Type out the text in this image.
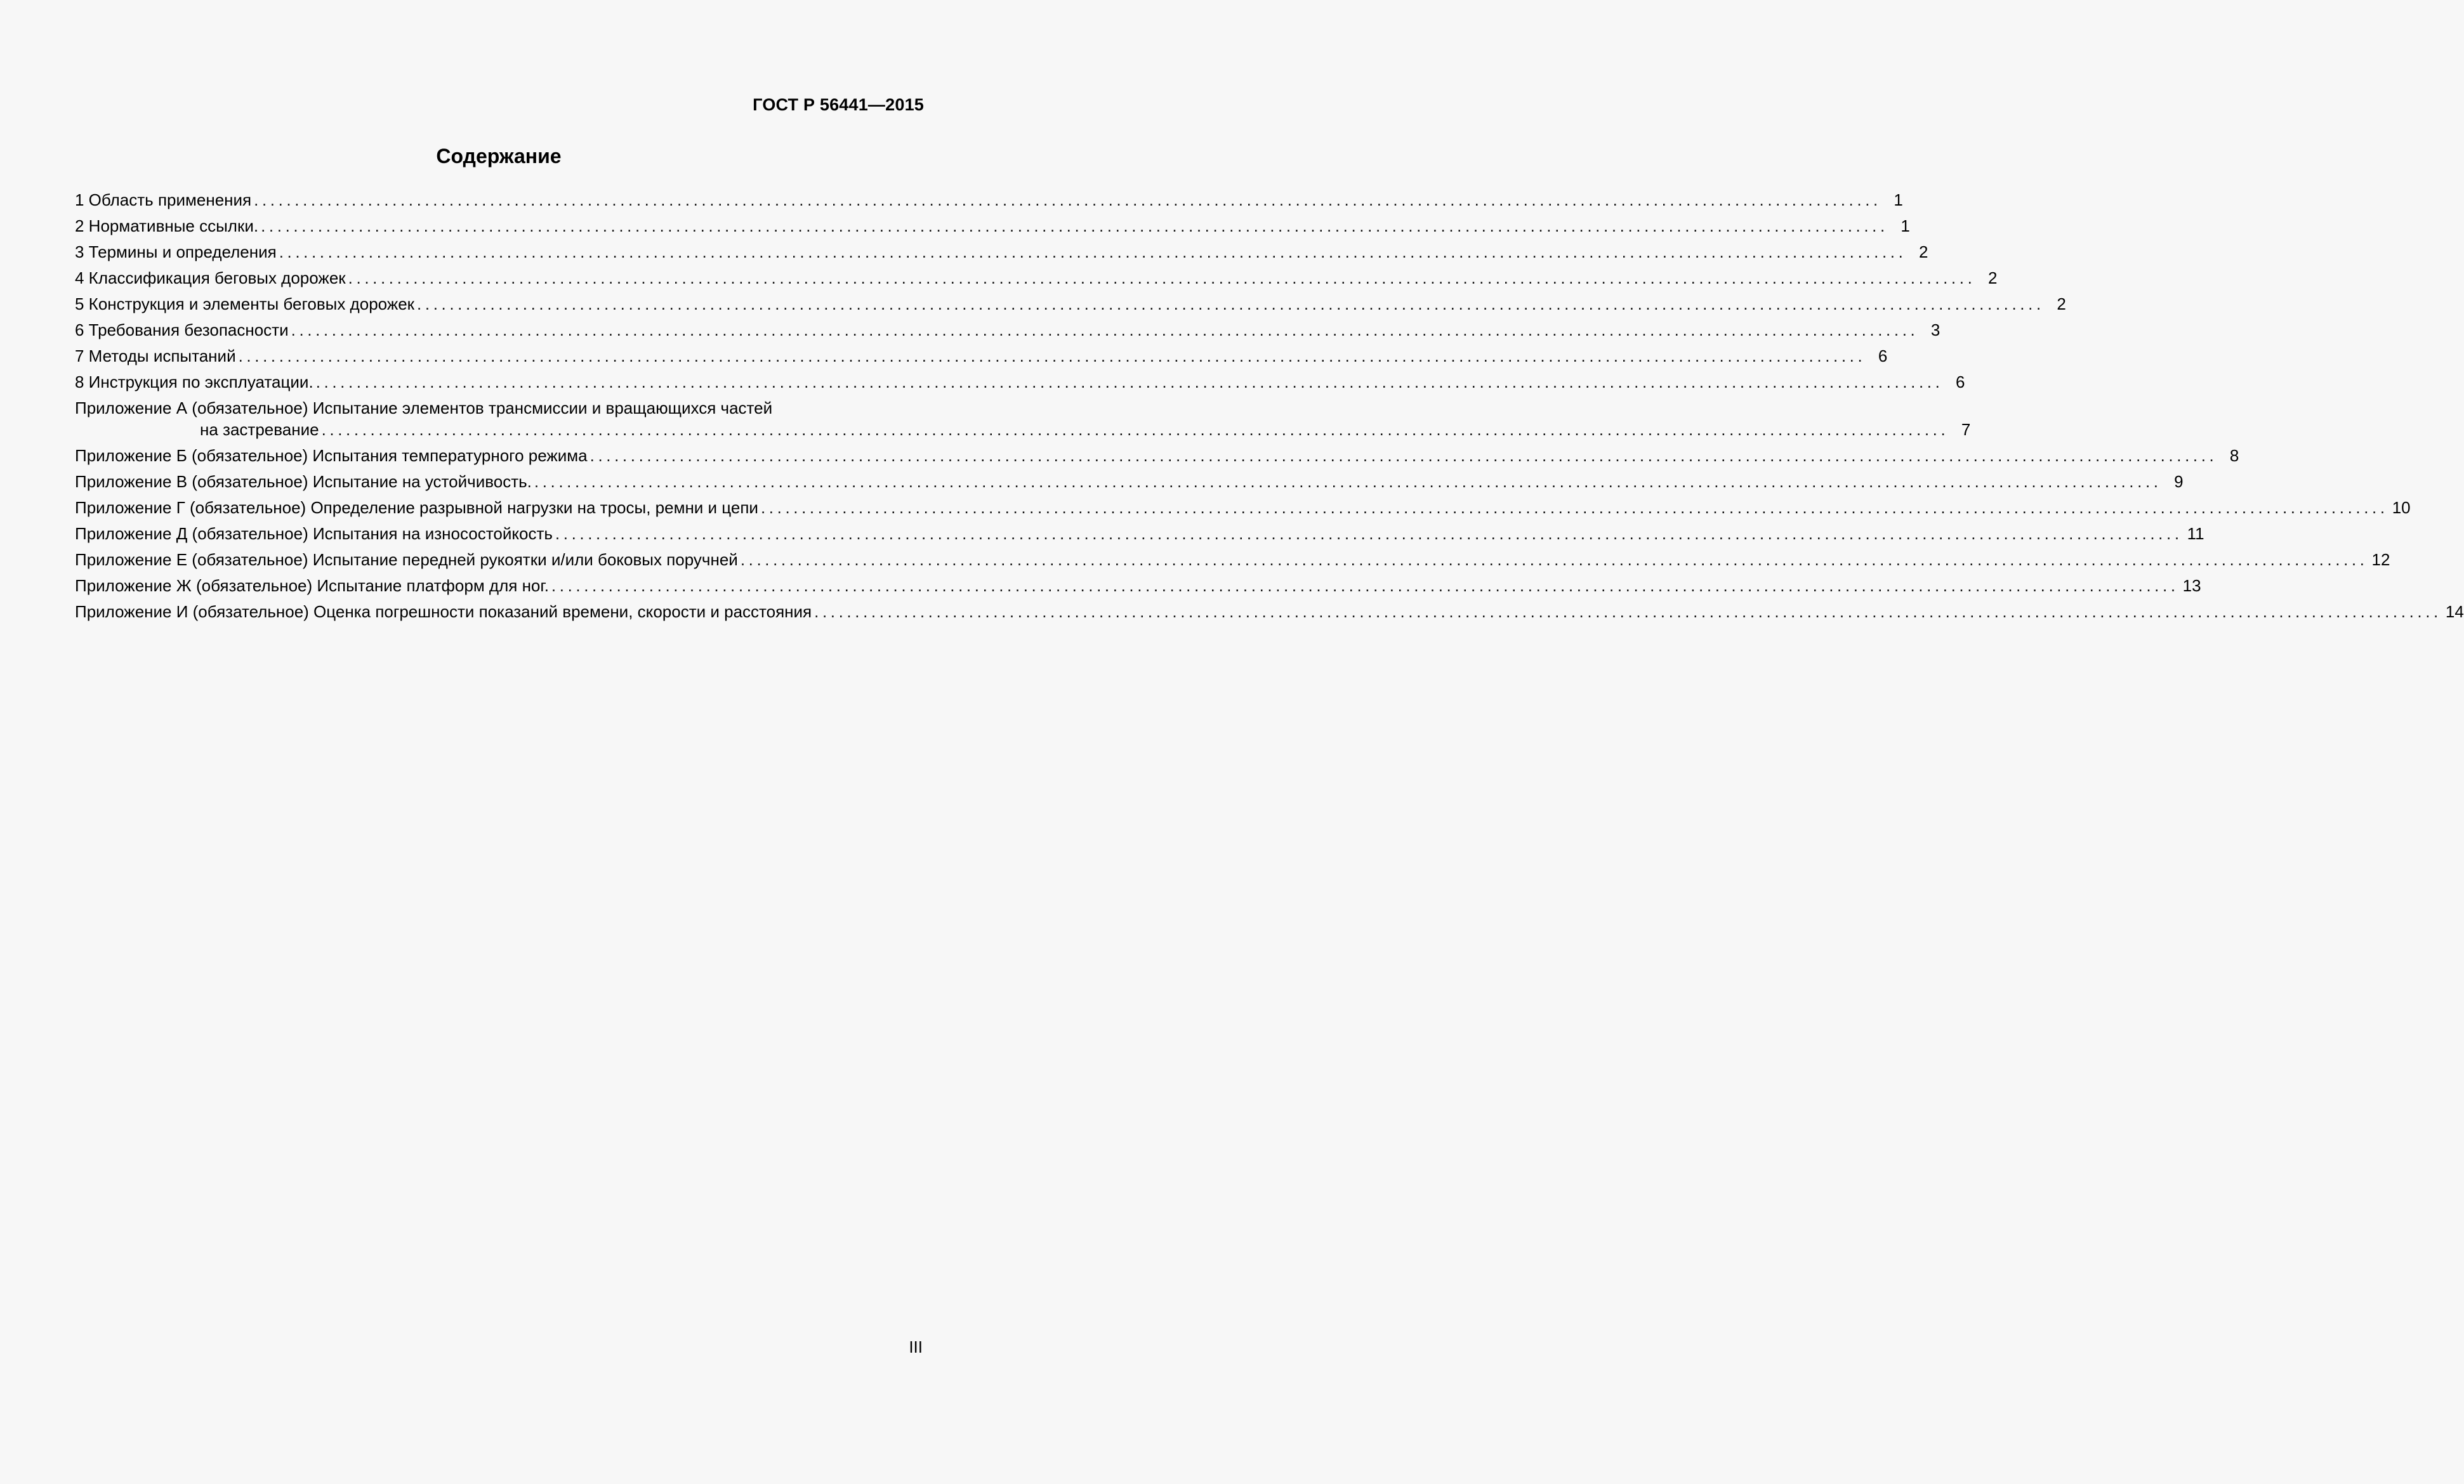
ГОСТ Р 56441—2015
Содержание
1 Область применения ........................................................................................................................................................................................................ 1
2 Нормативные ссылки. ........................................................................................................................................................................................................ 1
3 Термины и определения ........................................................................................................................................................................................................ 2
4 Классификация беговых дорожек ........................................................................................................................................................................................................ 2
5 Конструкция и элементы беговых дорожек ........................................................................................................................................................................................................ 2
6 Требования безопасности ........................................................................................................................................................................................................ 3
7 Методы испытаний ........................................................................................................................................................................................................ 6
8 Инструкция по эксплуатации. ........................................................................................................................................................................................................ 6
Приложение А (обязательное) Испытание элементов трансмиссии и вращающихся частей
на застревание ........................................................................................................................................................................................................ 7
Приложение Б (обязательное) Испытания температурного режима ........................................................................................................................................................................................................ 8
Приложение В (обязательное) Испытание на устойчивость. ........................................................................................................................................................................................................ 9
Приложение Г (обязательное) Определение разрывной нагрузки на тросы, ремни и цепи ........................................................................................................................................................................................................ 10
Приложение Д (обязательное) Испытания на износостойкость ........................................................................................................................................................................................................ 11
Приложение Е (обязательное) Испытание передней рукоятки и/или боковых поручней ........................................................................................................................................................................................................ 12
Приложение Ж (обязательное) Испытание платформ для ног. ........................................................................................................................................................................................................ 13
Приложение И (обязательное) Оценка погрешности показаний времени, скорости и расстояния ........................................................................................................................................................................................................ 14
III
